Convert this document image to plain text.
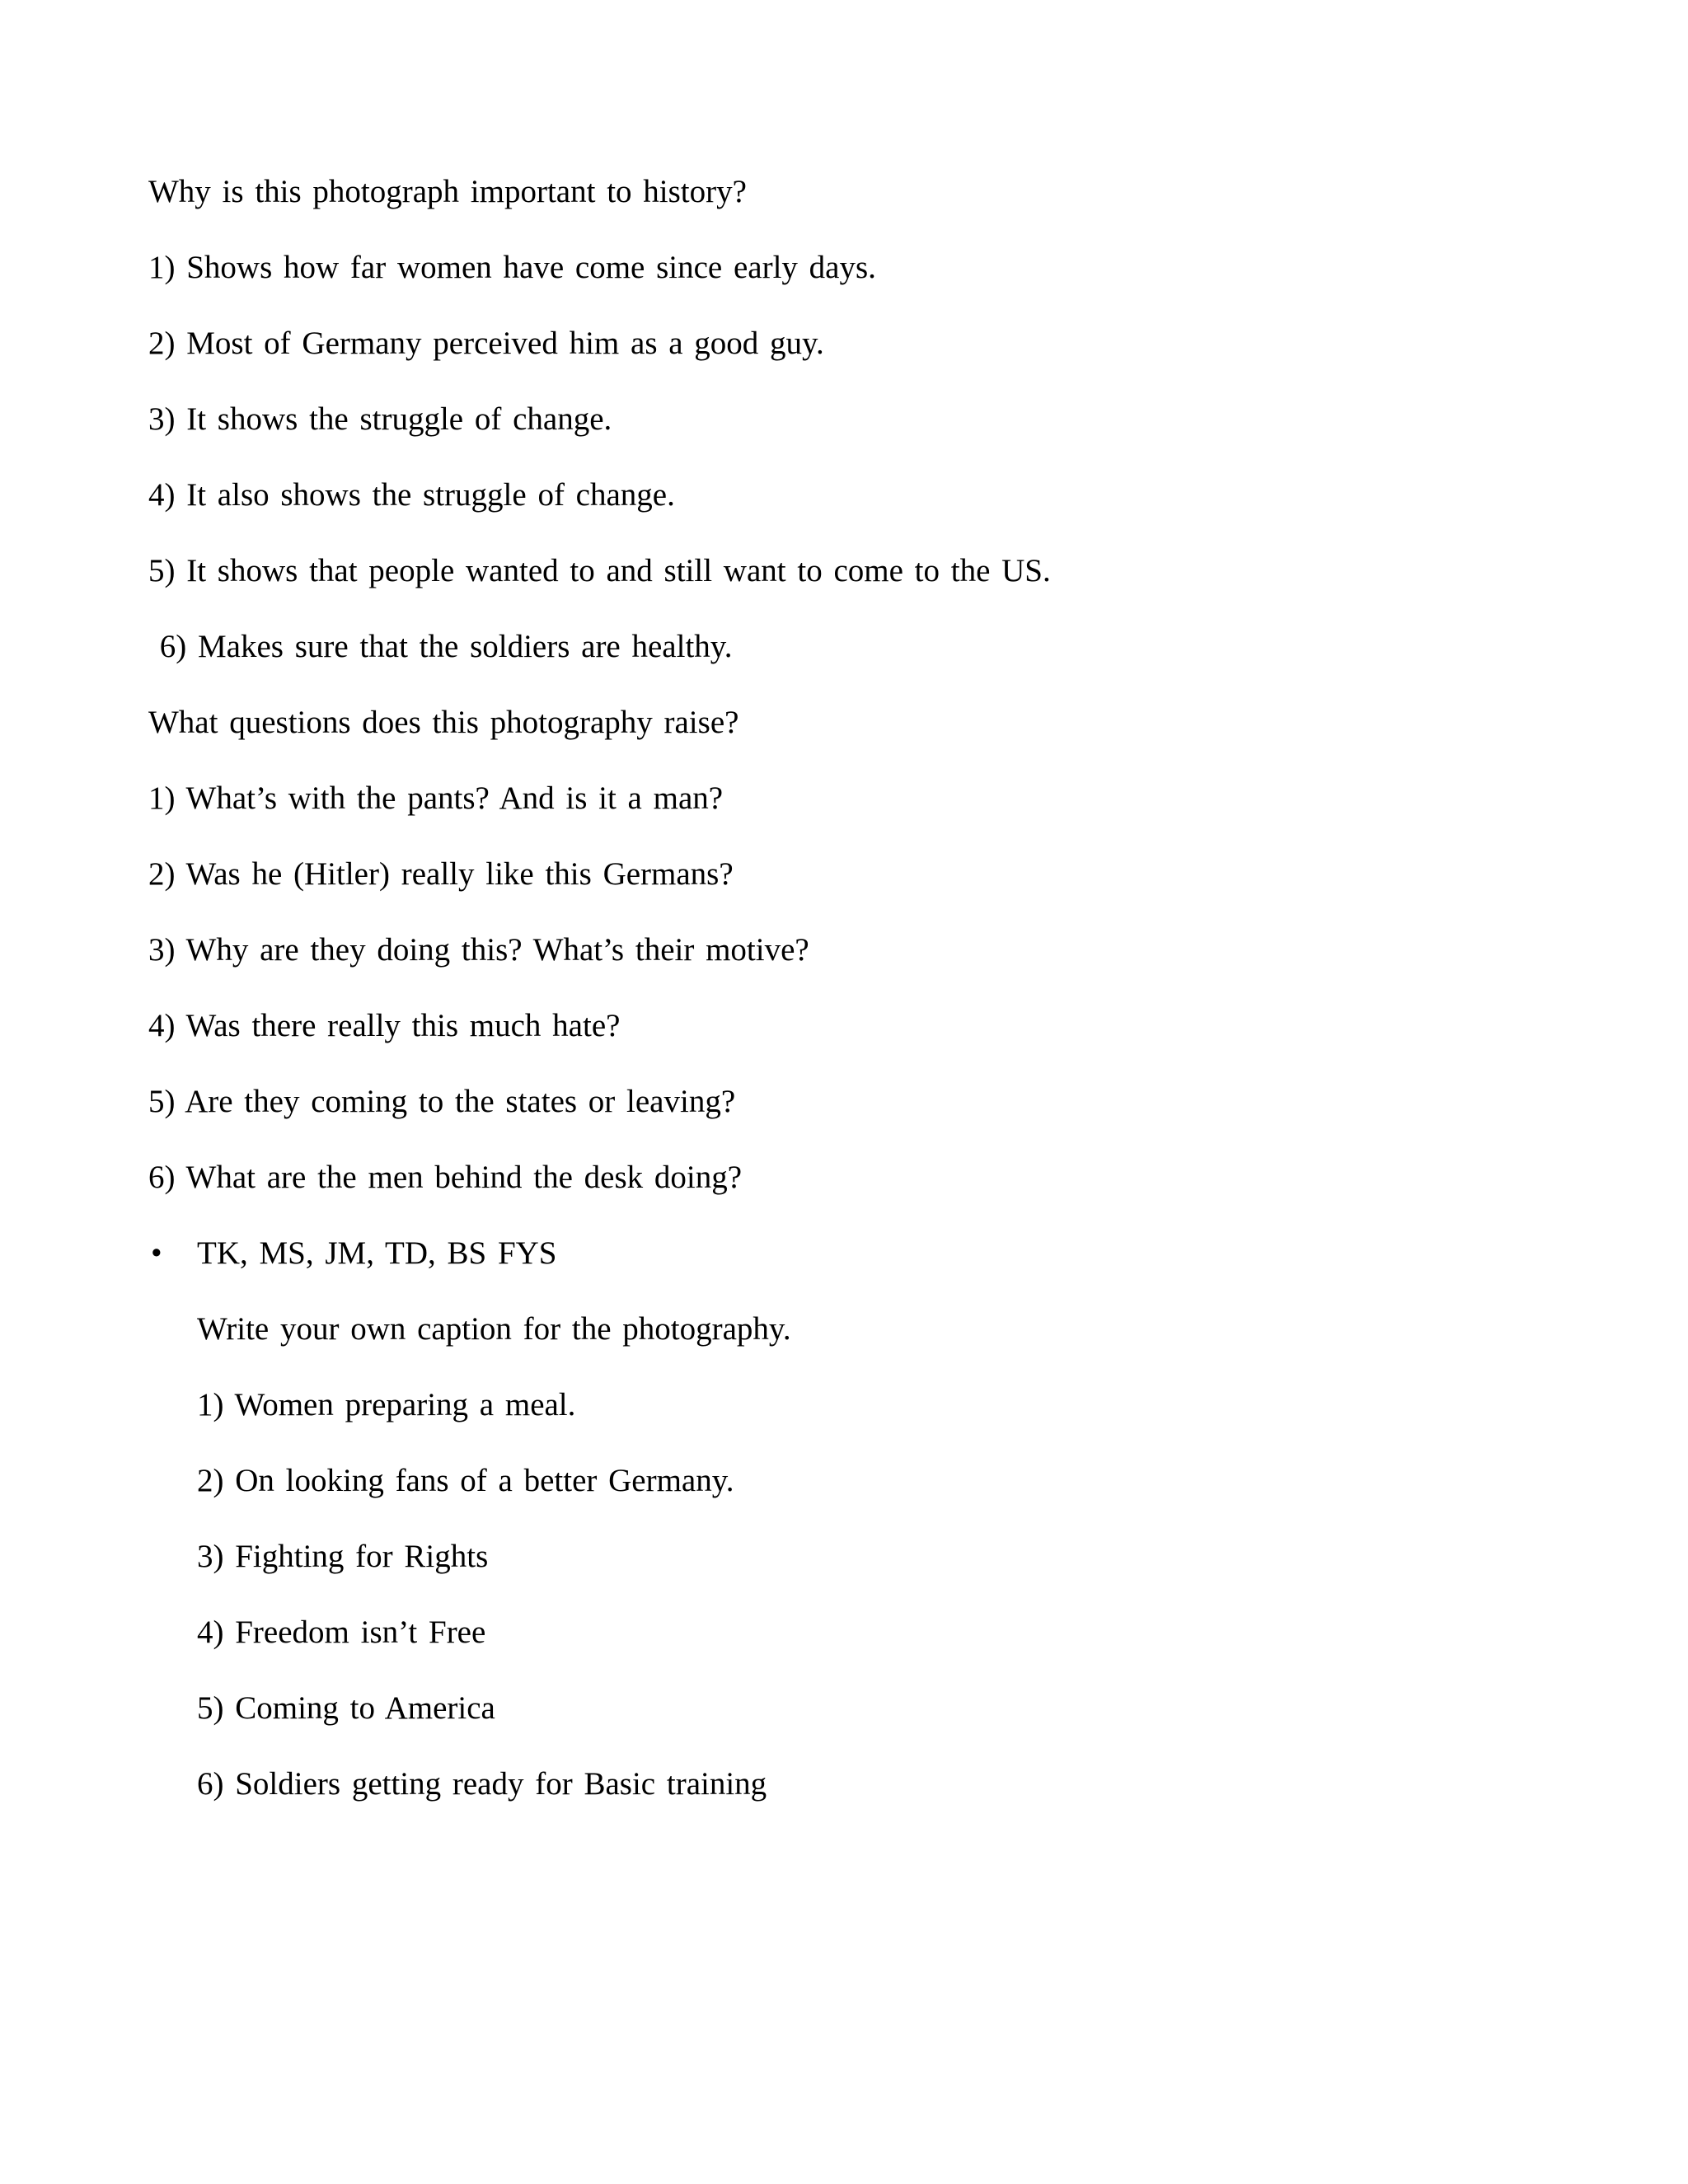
Why is this photograph important to history?
1) Shows how far women have come since early days.
2) Most of Germany perceived him as a good guy.
3) It shows the struggle of change.
4) It also shows the struggle of change.
5) It shows that people wanted to and still want to come to the US.
6) Makes sure that the soldiers are healthy.
What questions does this photography raise?
1) What’s with the pants? And is it a man?
2) Was he (Hitler) really like this Germans?
3) Why are they doing this? What’s their motive?
4) Was there really this much hate?
5) Are they coming to the states or leaving?
6) What are the men behind the desk doing?
• TK, MS, JM, TD, BS FYS
Write your own caption for the photography.
1) Women preparing a meal.
2) On looking fans of a better Germany.
3) Fighting for Rights
4) Freedom isn’t Free
5) Coming to America
6) Soldiers getting ready for Basic training
